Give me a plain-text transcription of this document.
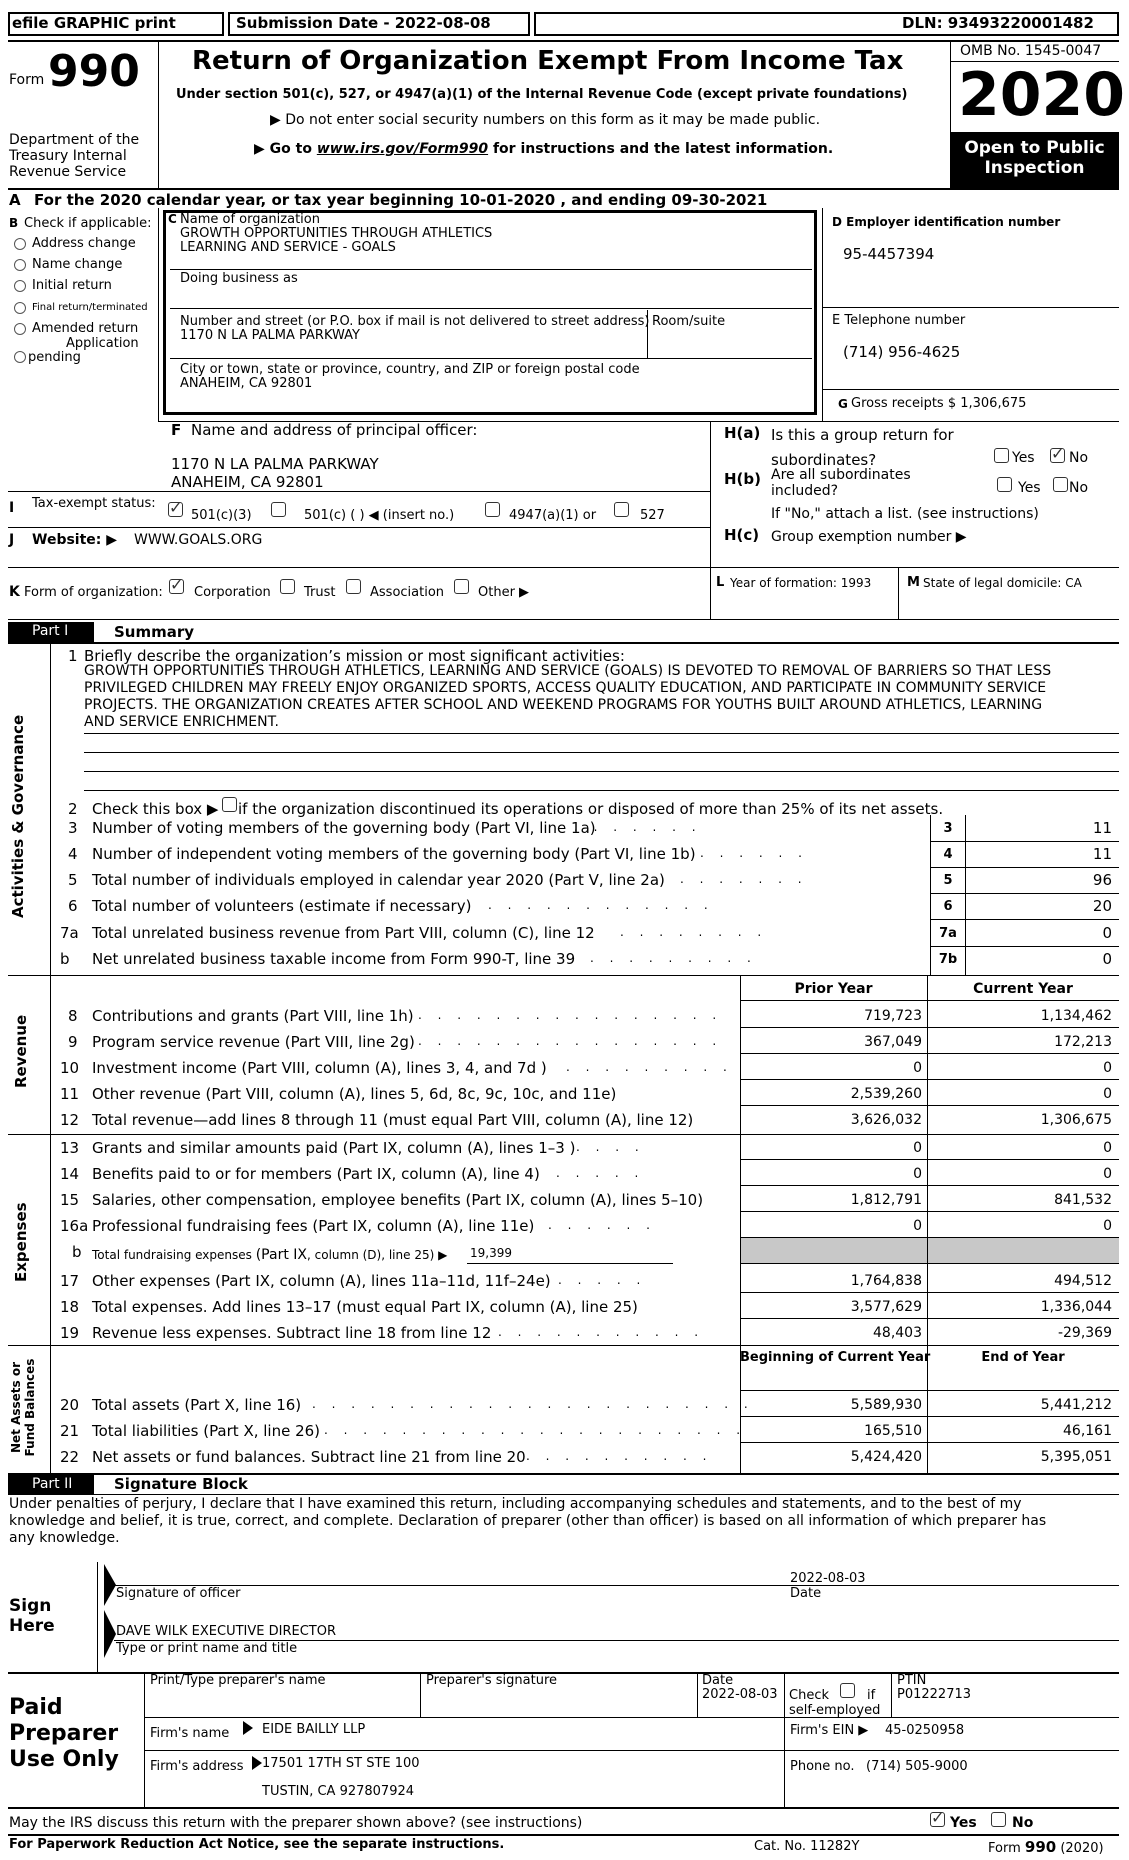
efile GRAPHIC print	Submission Date - 2022-08-08	DLN: 93493220001482
Form 990
Department of the Treasury Internal Revenue Service
Return of Organization Exempt From Income Tax
Under section 501(c), 527, or 4947(a)(1) of the Internal Revenue Code (except private foundations)
▶ Do not enter social security numbers on this form as it may be made public.
▶ Go to www.irs.gov/Form990 for instructions and the latest information.
OMB No. 1545-0047
2020
Open to Public Inspection
A For the 2020 calendar year, or tax year beginning 10-01-2020 , and ending 09-30-2021
B Check if applicable:
Address change
Name change
Initial return
Final return/terminated
Amended return
Application pending
C Name of organization
GROWTH OPPORTUNITIES THROUGH ATHLETICS
LEARNING AND SERVICE - GOALS
Doing business as
Number and street (or P.O. box if mail is not delivered to street address)
1170 N LA PALMA PARKWAY
Room/suite
City or town, state or province, country, and ZIP or foreign postal code
ANAHEIM, CA 92801
D Employer identification number
95-4457394
E Telephone number
(714) 956-4625
G Gross receipts $ 1,306,675
F Name and address of principal officer:
1170 N LA PALMA PARKWAY
ANAHEIM, CA 92801
H(a) Is this a group return for
subordinates?	Yes ✓ No
H(b) Are all subordinates
included?	Yes No
If "No," attach a list. (see instructions)
H(c) Group exemption number ▶
I Tax-exempt status: ✓ 501(c)(3)	501(c) ( ) ◀ (insert no.)	4947(a)(1) or	527
J Website: ▶ WWW.GOALS.ORG
K Form of organization: ✓ Corporation	Trust	Association	Other ▶
L Year of formation: 1993	M State of legal domicile: CA
Part I	Summary
Activities & Governance
Revenue
Expenses
Net Assets or Fund Balances
1 Briefly describe the organization’s mission or most significant activities:
GROWTH OPPORTUNITIES THROUGH ATHLETICS, LEARNING AND SERVICE (GOALS) IS DEVOTED TO REMOVAL OF BARRIERS SO THAT LESS
PRIVILEGED CHILDREN MAY FREELY ENJOY ORGANIZED SPORTS, ACCESS QUALITY EDUCATION, AND PARTICIPATE IN COMMUNITY SERVICE
PROJECTS. THE ORGANIZATION CREATES AFTER SCHOOL AND WEEKEND PROGRAMS FOR YOUTHS BUILT AROUND ATHLETICS, LEARNING
AND SERVICE ENRICHMENT.
2 Check this box ▶ if the organization discontinued its operations or disposed of more than 25% of its net assets.
3 Number of voting members of the governing body (Part VI, line 1a)
. . . . . . .	3	11
4 Number of independent voting members of the governing body (Part VI, line 1b) . . . . . .	4	11
5 Total number of individuals employed in calendar year 2020 (Part V, line 2a) . . . . . . .	5	96
6 Total number of volunteers (estimate if necessary) . . . . . . . . . . . .	6	20
7a Total unrelated business revenue from Part VIII, column (C), line 12 . . . . . . . .	7a	0
b Net unrelated business taxable income from Form 990-T, line 39 . . . . . . . . .	7b	0
Prior Year	Current Year
8 Contributions and grants (Part VIII, line 1h) . . . . . . . . . . . . . . . .	719,723	1,134,462
9 Program service revenue (Part VIII, line 2g) . . . . . . . . . . . . . . . .	367,049	172,213
10 Investment income (Part VIII, column (A), lines 3, 4, and 7d ) . . . . . . . . .	0	0
11 Other revenue (Part VIII, column (A), lines 5, 6d, 8c, 9c, 10c, and 11e)	2,539,260	0
12 Total revenue—add lines 8 through 11 (must equal Part VIII, column (A), line 12)	3,626,032	1,306,675
13 Grants and similar amounts paid (Part IX, column (A), lines 1–3 ) . . . .	0	0
14 Benefits paid to or for members (Part IX, column (A), line 4) . . . . .	0	0
15 Salaries, other compensation, employee benefits (Part IX, column (A), lines 5–10)	1,812,791	841,532
16a Professional fundraising fees (Part IX, column (A), line 11e) . . . . . .	0	0
b Total fundraising expenses (Part IX, column (D), line 25) ▶ 19,399
17 Other expenses (Part IX, column (A), lines 11a–11d, 11f–24e) . . . . .	1,764,838	494,512
18 Total expenses. Add lines 13–17 (must equal Part IX, column (A), line 25)	3,577,629	1,336,044
19 Revenue less expenses. Subtract line 18 from line 12 . . . . . . . . . . .	48,403	-29,369
Beginning of Current Year	End of Year
20 Total assets (Part X, line 16) . . . . . . . . . . . . . . . . . . . . . . .	5,589,930	5,441,212
21 Total liabilities (Part X, line 26) . . . . . . . . . . . . . . . . . . . . . .	165,510	46,161
22 Net assets or fund balances. Subtract line 21 from line 20 . . . . . . . . . .	5,424,420	5,395,051
Part II	Signature Block
Under penalties of perjury, I declare that I have examined this return, including accompanying schedules and statements, and to the best of my
knowledge and belief, it is true, correct, and complete. Declaration of preparer (other than officer) is based on all information of which preparer has
any knowledge.
Sign
Here
Signature of officer
2022-08-03
Date
DAVE WILK EXECUTIVE DIRECTOR
Type or print name and title
Paid
Preparer
Use Only
Print/Type preparer's name	Preparer's signature	Date
2022-08-03 Check	if
self-employed
PTIN
P01222713
Firm's name	EIDE BAILLY LLP	Firm's EIN ▶ 45-0250958
Firm's address 17501 17TH ST STE 100
TUSTIN, CA 927807924
Phone no. (714) 505-9000
May the IRS discuss this return with the preparer shown above? (see instructions)	✓ Yes	No
For Paperwork Reduction Act Notice, see the separate instructions.	Cat. No. 11282Y	Form 990 (2020)
